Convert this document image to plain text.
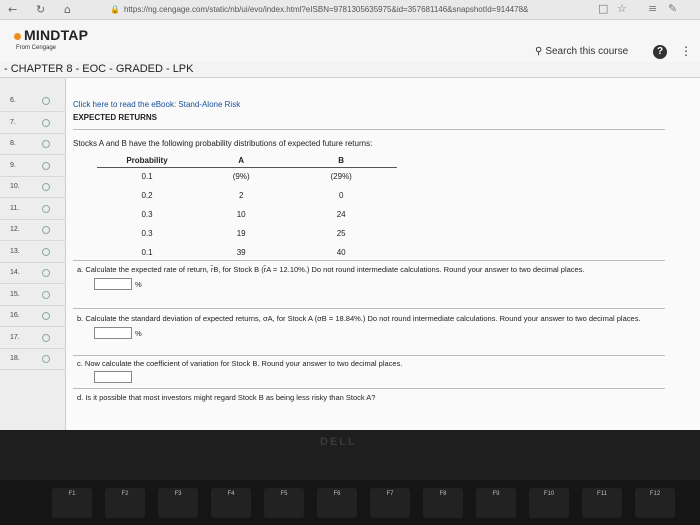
← ↻ ⌂	🔒 https://ng.cengage.com/static/nb/ui/evo/index.html?eISBN=9781305635975&id=357681146&snapshotId=914478&	□ ☆ ≡ ✎
MINDTAP
From Cengage	⚲ Search this course	?	⋮
- CHAPTER 8 - EOC - GRADED - LPK
6.
7.
8.
9.
10.
11.
12.
13.
14.
15.
16.
17.
18.
Click here to read the eBook: Stand-Alone Risk
EXPECTED RETURNS
Stocks A and B have the following probability distributions of expected future returns:
Probability	A	B
0.1	(9%)	(29%)
0.2	2	0
0.3	10	24
0.3	19	25
0.1	39	40
a. Calculate the expected rate of return, r̂B, for Stock B (r̂A = 12.10%.) Do not round intermediate calculations. Round your answer to two decimal places.
%
b. Calculate the standard deviation of expected returns, σA, for Stock A (σB = 18.84%.) Do not round intermediate calculations. Round your answer to two decimal places.
%
c. Now calculate the coefficient of variation for Stock B. Round your answer to two decimal places.
d. Is it possible that most investors might regard Stock B as being less risky than Stock A?
DELL
F1	F2	F3	F4	F5	F6	F7	F8	F9	F10	F11	F12
